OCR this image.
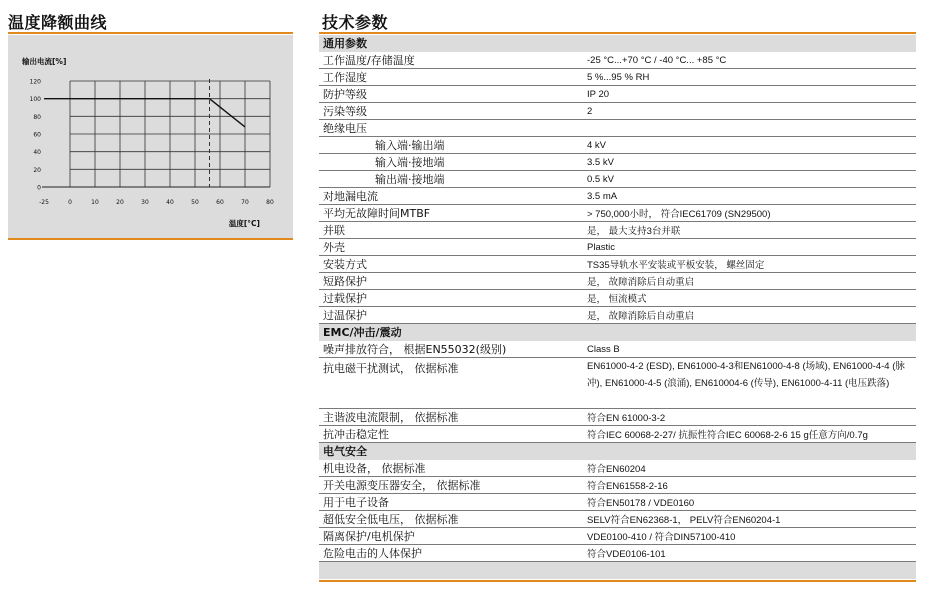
温度降额曲线
输出电流[%]
温度[°C]
0
20
40
60
80
100
120
-25	0	10	20	30	40	50	60	70	80
技术参数
通用参数
工作温度/存储温度	-25 °C...+70 °C / -40 °C... +85 °C
工作湿度	5 %...95 % RH
防护等级	IP 20
污染等级	2
绝缘电压
输入端·输出端	4 kV
输入端·接地端	3.5 kV
输出端·接地端	0.5 kV
对地漏电流	3.5 mA
平均无故障时间MTBF	> 750,000小时， 符合IEC61709 (SN29500)
并联	是， 最大支持3台并联
外壳	Plastic
安装方式	TS35导轨水平安装或平板安装， 螺丝固定
短路保护	是， 故障消除后自动重启
过载保护	是， 恒流模式
过温保护	是， 故障消除后自动重启
EMC/冲击/震动
噪声排放符合， 根据EN55032(级别)	Class B
抗电磁干扰测试， 依据标准	EN61000-4-2 (ESD), EN61000-4-3和EN61000-4-8 (场域), EN61000-4-4 (脉冲), EN61000-4-5 (浪涌), EN610004-6 (传导), EN61000-4-11 (电压跌落)
主谐波电流限制， 依据标准	符合EN 61000-3-2
抗冲击稳定性	符合IEC 60068-2-27/ 抗振性符合IEC 60068-2-6 15 g任意方向/0.7g
电气安全
机电设备， 依据标准	符合EN60204
开关电源变压器安全， 依据标准	符合EN61558-2-16
用于电子设备	符合EN50178 / VDE0160
超低安全低电压， 依据标准	SELV符合EN62368-1， PELV符合EN60204-1
隔离保护/电机保护	VDE0100-410 / 符合DIN57100-410
危险电击的人体保护	符合VDE0106-101
